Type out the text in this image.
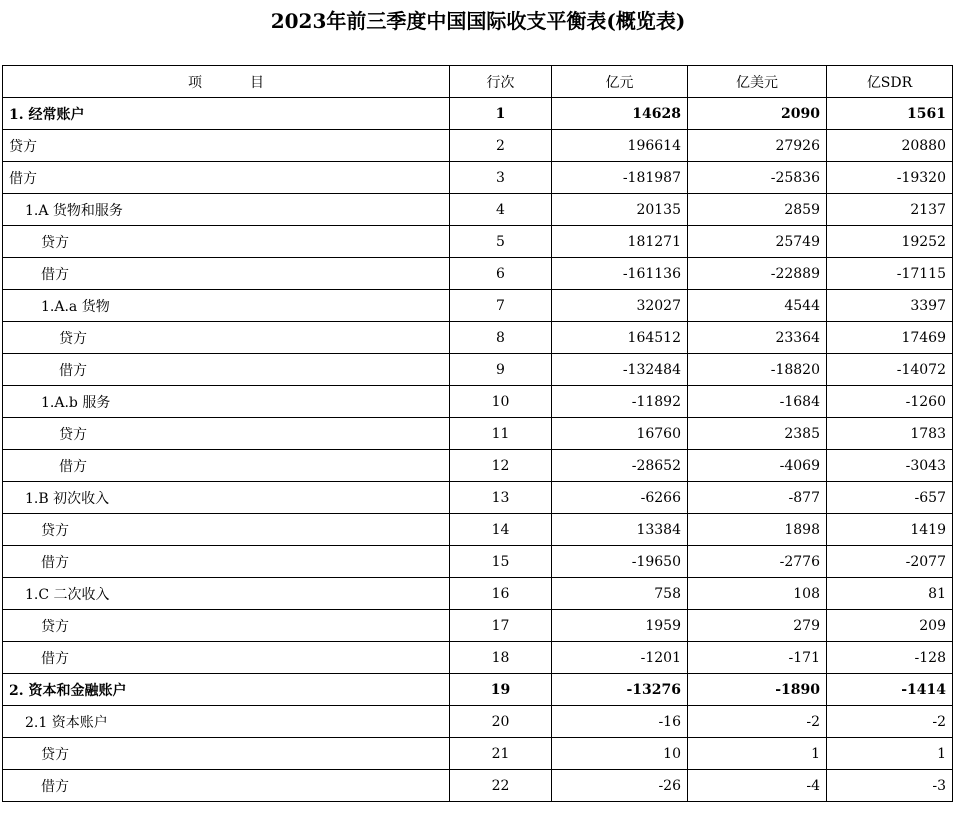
2023年前三季度中国国际收支平衡表(概览表)
项 目	行次	亿元	亿美元	亿SDR
1. 经常账户	1	14628	2090	1561
贷方	2	196614	27926	20880
借方	3	-181987	-25836	-19320
1.A 货物和服务	4	20135	2859	2137
贷方	5	181271	25749	19252
借方	6	-161136	-22889	-17115
1.A.a 货物	7	32027	4544	3397
贷方	8	164512	23364	17469
借方	9	-132484	-18820	-14072
1.A.b 服务	10	-11892	-1684	-1260
贷方	11	16760	2385	1783
借方	12	-28652	-4069	-3043
1.B 初次收入	13	-6266	-877	-657
贷方	14	13384	1898	1419
借方	15	-19650	-2776	-2077
1.C 二次收入	16	758	108	81
贷方	17	1959	279	209
借方	18	-1201	-171	-128
2. 资本和金融账户	19	-13276	-1890	-1414
2.1 资本账户	20	-16	-2	-2
贷方	21	10	1	1
借方	22	-26	-4	-3
